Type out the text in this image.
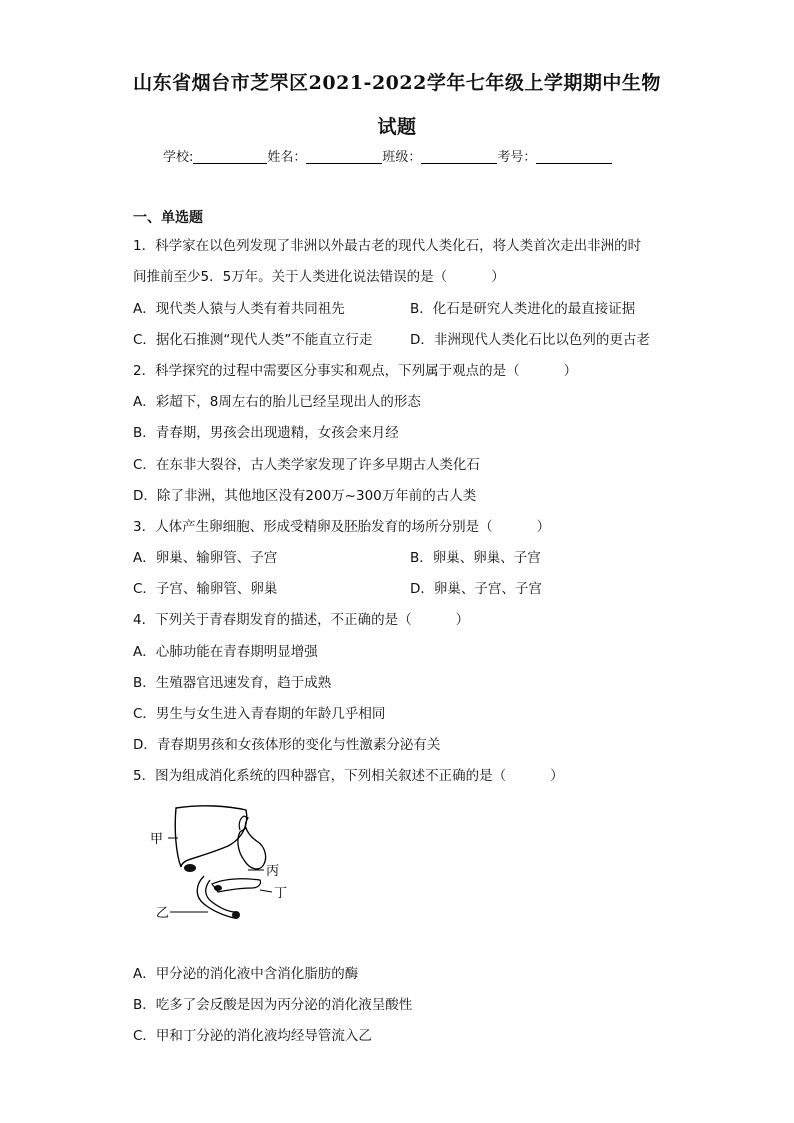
山东省烟台市芝罘区2021-2022学年七年级上学期期中生物
试题
学校:	姓名：	班级：	考号：
一、单选题
1．科学家在以色列发现了非洲以外最古老的现代人类化石，将人类首次走出非洲的时
间推前至少5．5万年。关于人类进化说法错误的是（	）
A．现代类人猿与人类有着共同祖先	B．化石是研究人类进化的最直接证据
C．据化石推测“现代人类”不能直立行走	D．非洲现代人类化石比以色列的更古老
2．科学探究的过程中需要区分事实和观点，下列属于观点的是（	）
A．彩超下，8周左右的胎儿已经呈现出人的形态
B．青春期，男孩会出现遗精，女孩会来月经
C．在东非大裂谷，古人类学家发现了许多早期古人类化石
D．除了非洲，其他地区没有200万~300万年前的古人类
3．人体产生卵细胞、形成受精卵及胚胎发育的场所分别是（	）
A．卵巢、输卵管、子宫	B．卵巢、卵巢、子宫
C．子宫、输卵管、卵巢	D．卵巢、子宫、子宫
4．下列关于青春期发育的描述，不正确的是（	）
A．心肺功能在青春期明显增强
B．生殖器官迅速发育，趋于成熟
C．男生与女生进入青春期的年龄几乎相同
D．青春期男孩和女孩体形的变化与性激素分泌有关
5．图为组成消化系统的四种器官，下列相关叙述不正确的是（	）
甲
丙
丁
乙
A．甲分泌的消化液中含消化脂肪的酶
B．吃多了会反酸是因为丙分泌的消化液呈酸性
C．甲和丁分泌的消化液均经导管流入乙
